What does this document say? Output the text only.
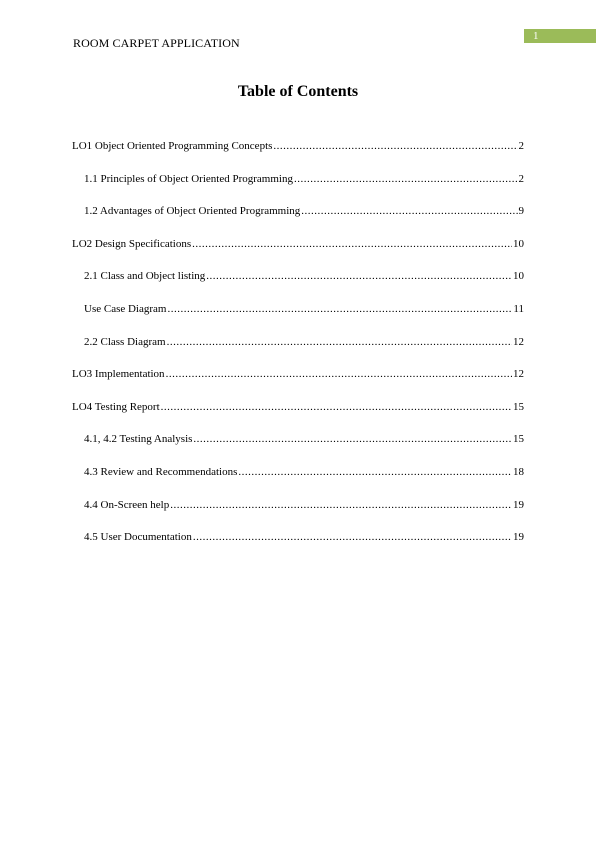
ROOM CARPET APPLICATION	1
Table of Contents
LO1 Object Oriented Programming Concepts .....	2
1.1 Principles of Object Oriented Programming .....	2
1.2 Advantages of Object Oriented Programming .....	9
LO2 Design Specifications .....	10
2.1 Class and Object listing .....	10
Use Case Diagram .....	11
2.2 Class Diagram .....	12
LO3 Implementation .....	12
LO4 Testing Report .....	15
4.1, 4.2 Testing Analysis .....	15
4.3 Review and Recommendations .....	18
4.4 On-Screen help .....	19
4.5 User Documentation .....	19
